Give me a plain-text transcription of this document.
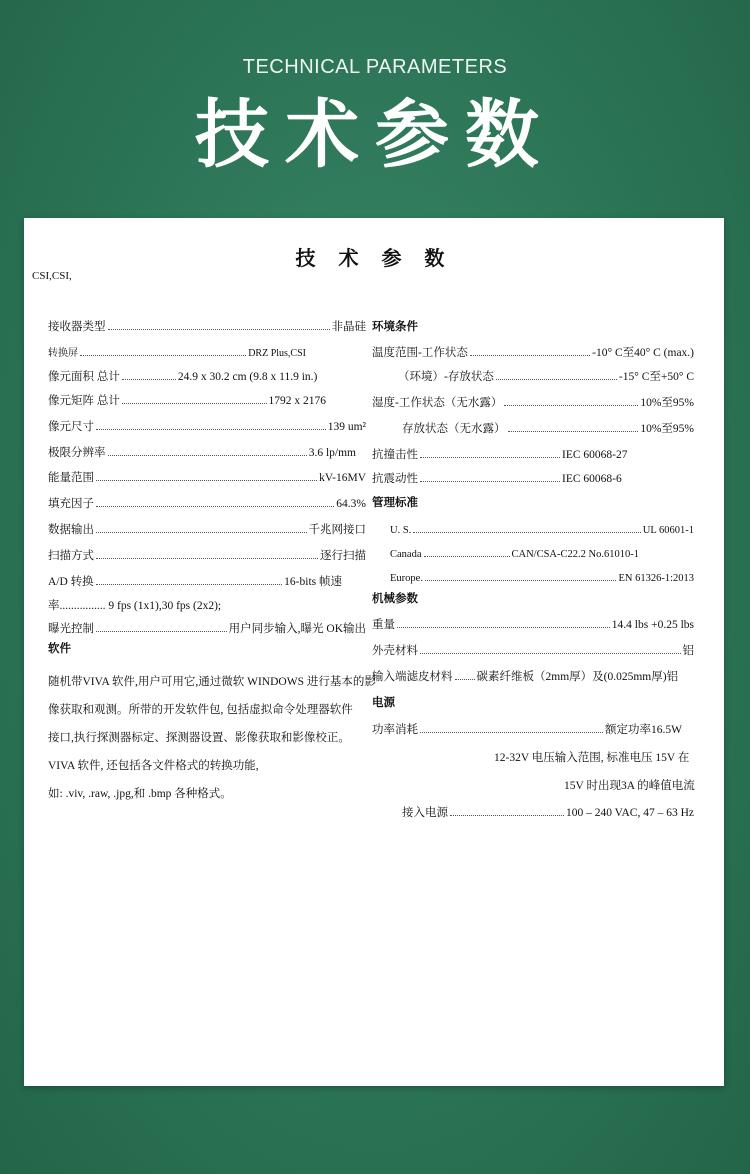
TECHNICAL PARAMETERS
技术参数
技 术 参 数
CSI,CSI,
接收器类型	非晶硅
转换屏	DRZ Plus,CSI
像元面积 总计	24.9 x 30.2 cm (9.8 x 11.9 in.)
像元矩阵 总计	1792 x 2176
像元尺寸	139 um²
极限分辨率	3.6 lp/mm
能量范围	kV-16MV
填充因子	64.3%
数据输出	千兆网接口
扫描方式	逐行扫描
A/D 转换	16-bits 帧速
率................ 9 fps (1x1),30 fps (2x2);
曝光控制	用户同步输入,曝光 OK输出
软件
随机带VIVA 软件,用户可用它,通过微软 WINDOWS 进行基本的影
像获取和观测。所带的开发软件包, 包括虚拟命令处理器软件
接口,执行探测器标定、探测器设置、影像获取和影像校正。
VIVA 软件, 还包括各文件格式的转换功能,
如: .viv, .raw, .jpg,和 .bmp 各种格式。
环境条件
温度范围-工作状态	-10° C至40° C (max.)
（环境）-存放状态	-15° C至+50° C
湿度-工作状态（无水露）	10%至95%
存放状态（无水露）	10%至95%
抗撞击性	IEC 60068-27
抗震动性	IEC 60068-6
管理标准
U. S.	UL 60601-1
Canada	CAN/CSA-C22.2 No.61010-1
Europe.	EN 61326-1:2013
机械参数
重量	14.4 lbs +0.25 lbs
外壳材料	铝
输入端滤皮材料 碳素纤维板（2mm厚）及(0.025mm厚)铝
电源
功率消耗	额定功率16.5W
12-32V 电压输入范围, 标准电压 15V 在
15V 时出现3A 的峰值电流
接入电源	100 – 240 VAC, 47 – 63 Hz
